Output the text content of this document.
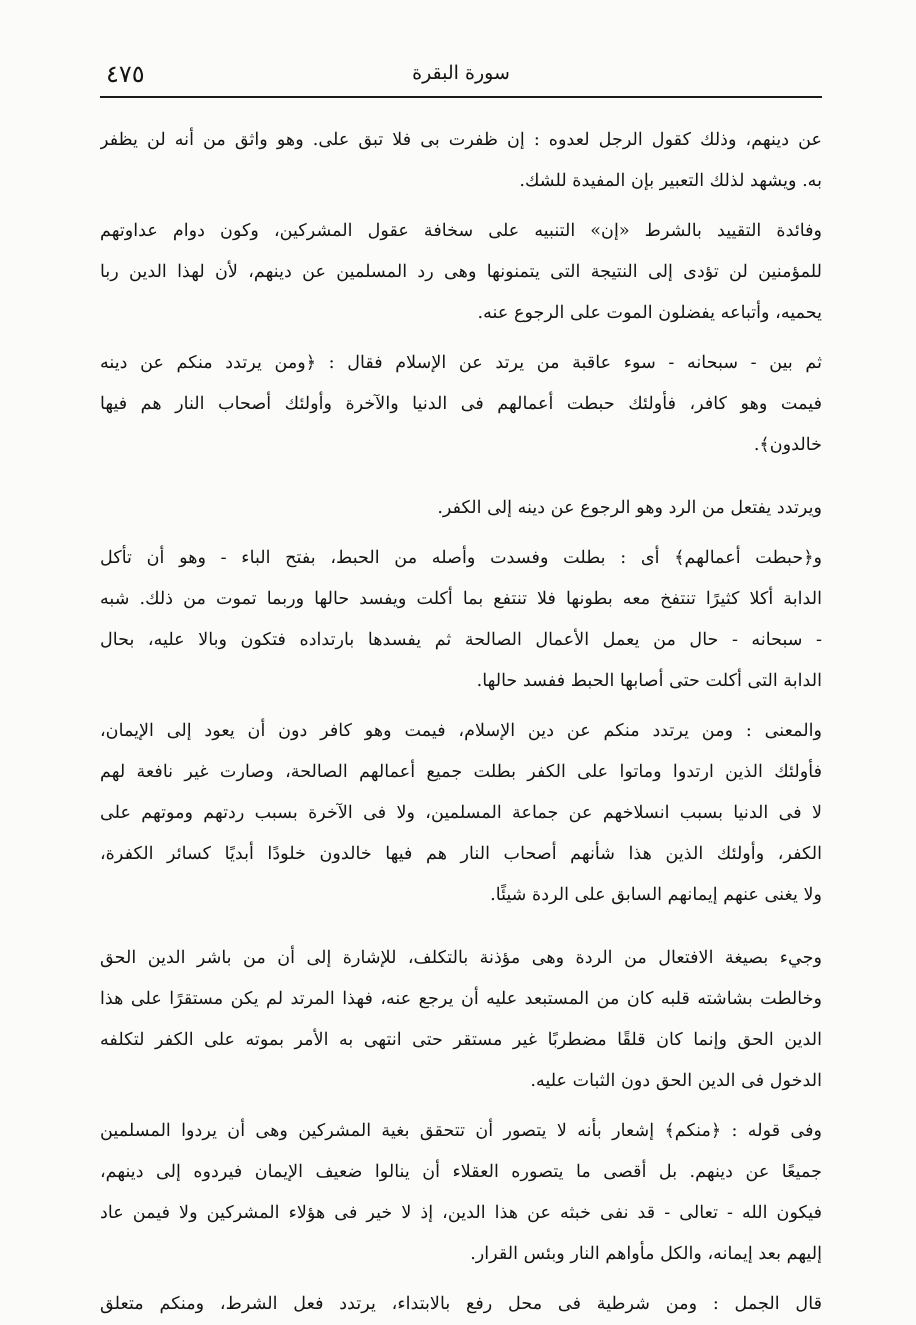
٤٧٥	سورة البقرة
عن دينهم، وذلك كقول الرجل لعدوه : إن ظفرت بى فلا تبق على. وهو واثق من أنه لن يظفر
به. ويشهد لذلك التعبير بإن المفيدة للشك.
وفائدة التقييد بالشرط «إن» التنبيه على سخافة عقول المشركين، وكون دوام عداوتهم
للمؤمنين لن تؤدى إلى النتيجة التى يتمنونها وهى رد المسلمين عن دينهم، لأن لهذا الدين ربا
يحميه، وأتباعه يفضلون الموت على الرجوع عنه.
ثم بين - سبحانه - سوء عاقبة من يرتد عن الإسلام فقال : ﴿ومن يرتدد منكم عن دينه
فيمت وهو كافر، فأولئك حبطت أعمالهم فى الدنيا والآخرة وأولئك أصحاب النار هم فيها
خالدون﴾.
ويرتدد يفتعل من الرد وهو الرجوع عن دينه إلى الكفر.
و﴿حبطت أعمالهم﴾ أى : بطلت وفسدت وأصله من الحبط، بفتح الباء - وهو أن تأكل
الدابة أكلا كثيرًا تنتفخ معه بطونها فلا تنتفع بما أكلت ويفسد حالها وربما تموت من ذلك. شبه
- سبحانه - حال من يعمل الأعمال الصالحة ثم يفسدها بارتداده فتكون وبالا عليه، بحال
الدابة التى أكلت حتى أصابها الحبط ففسد حالها.
والمعنى : ومن يرتدد منكم عن دين الإسلام، فيمت وهو كافر دون أن يعود إلى الإيمان،
فأولئك الذين ارتدوا وماتوا على الكفر بطلت جميع أعمالهم الصالحة، وصارت غير نافعة لهم
لا فى الدنيا بسبب انسلاخهم عن جماعة المسلمين، ولا فى الآخرة بسبب ردتهم وموتهم على
الكفر، وأولئك الذين هذا شأنهم أصحاب النار هم فيها خالدون خلودًا أبديًا كسائر الكفرة،
ولا يغنى عنهم إيمانهم السابق على الردة شيئًا.
وجيء بصيغة الافتعال من الردة وهى مؤذنة بالتكلف، للإشارة إلى أن من باشر الدين الحق
وخالطت بشاشته قلبه كان من المستبعد عليه أن يرجع عنه، فهذا المرتد لم يكن مستقرًا على هذا
الدين الحق وإنما كان قلقًا مضطربًا غير مستقر حتى انتهى به الأمر بموته على الكفر لتكلفه
الدخول فى الدين الحق دون الثبات عليه.
وفى قوله : ﴿منكم﴾ إشعار بأنه لا يتصور أن تتحقق بغية المشركين وهى أن يردوا المسلمين
جميعًا عن دينهم. بل أقصى ما يتصوره العقلاء أن ينالوا ضعيف الإيمان فيردوه إلى دينهم،
فيكون الله - تعالى - قد نفى خبثه عن هذا الدين، إذ لا خير فى هؤلاء المشركين ولا فيمن عاد
إليهم بعد إيمانه، والكل مأواهم النار وبئس القرار.
قال الجمل : ومن شرطية فى محل رفع بالابتداء، يرتدد فعل الشرط، ومنكم متعلق
